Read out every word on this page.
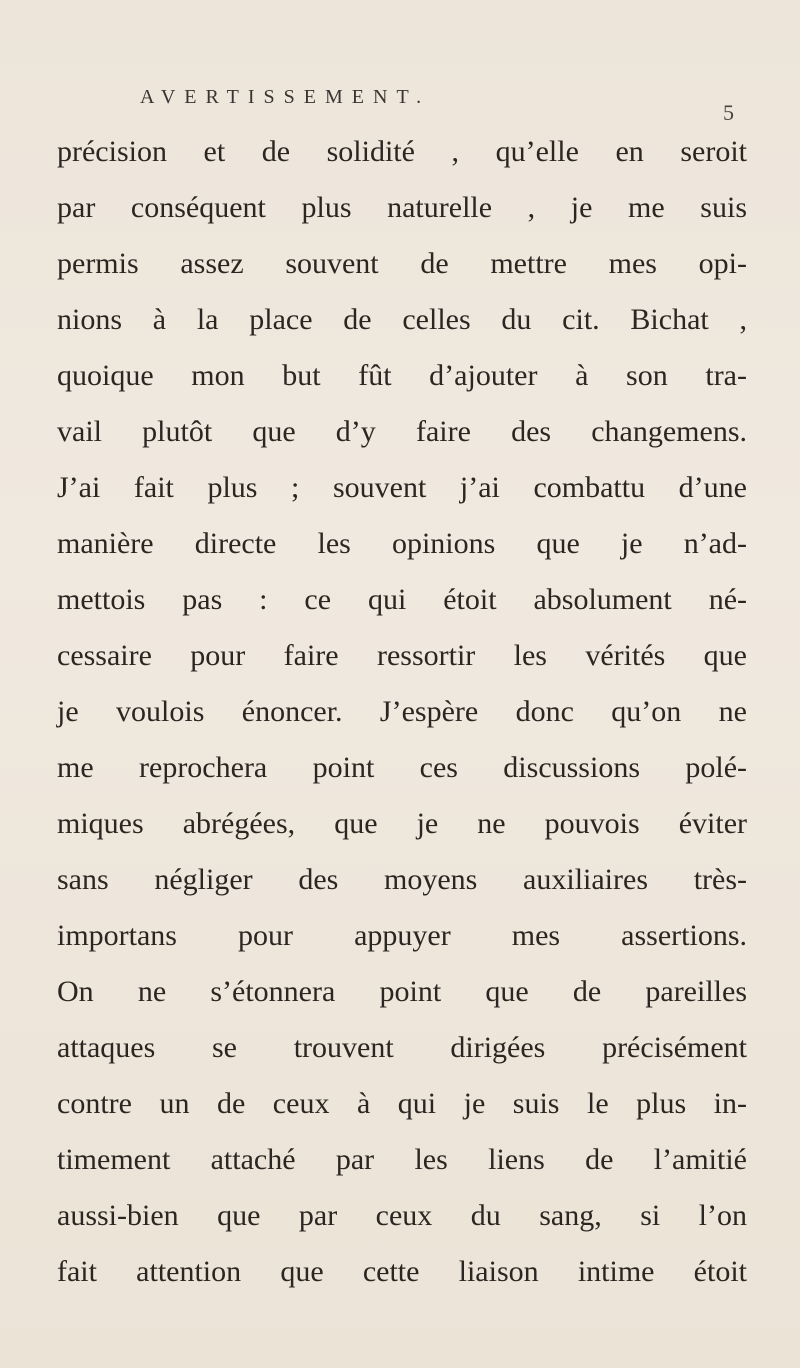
AVERTISSEMENT.
5
précision et de solidité , qu’elle en seroit
par conséquent plus naturelle , je me suis
permis assez souvent de mettre mes opi-
nions à la place de celles du cit. Bichat ,
quoique mon but fût d’ajouter à son tra-
vail plutôt que d’y faire des changemens.
J’ai fait plus ; souvent j’ai combattu d’une
manière directe les opinions que je n’ad-
mettois pas : ce qui étoit absolument né-
cessaire pour faire ressortir les vérités que
je voulois énoncer. J’espère donc qu’on ne
me reprochera point ces discussions polé-
miques abrégées, que je ne pouvois éviter
sans négliger des moyens auxiliaires très-
importans pour appuyer mes assertions.
On ne s’étonnera point que de pareilles
attaques se trouvent dirigées précisément
contre un de ceux à qui je suis le plus in-
timement attaché par les liens de l’amitié
aussi-bien que par ceux du sang, si l’on
fait attention que cette liaison intime étoit
